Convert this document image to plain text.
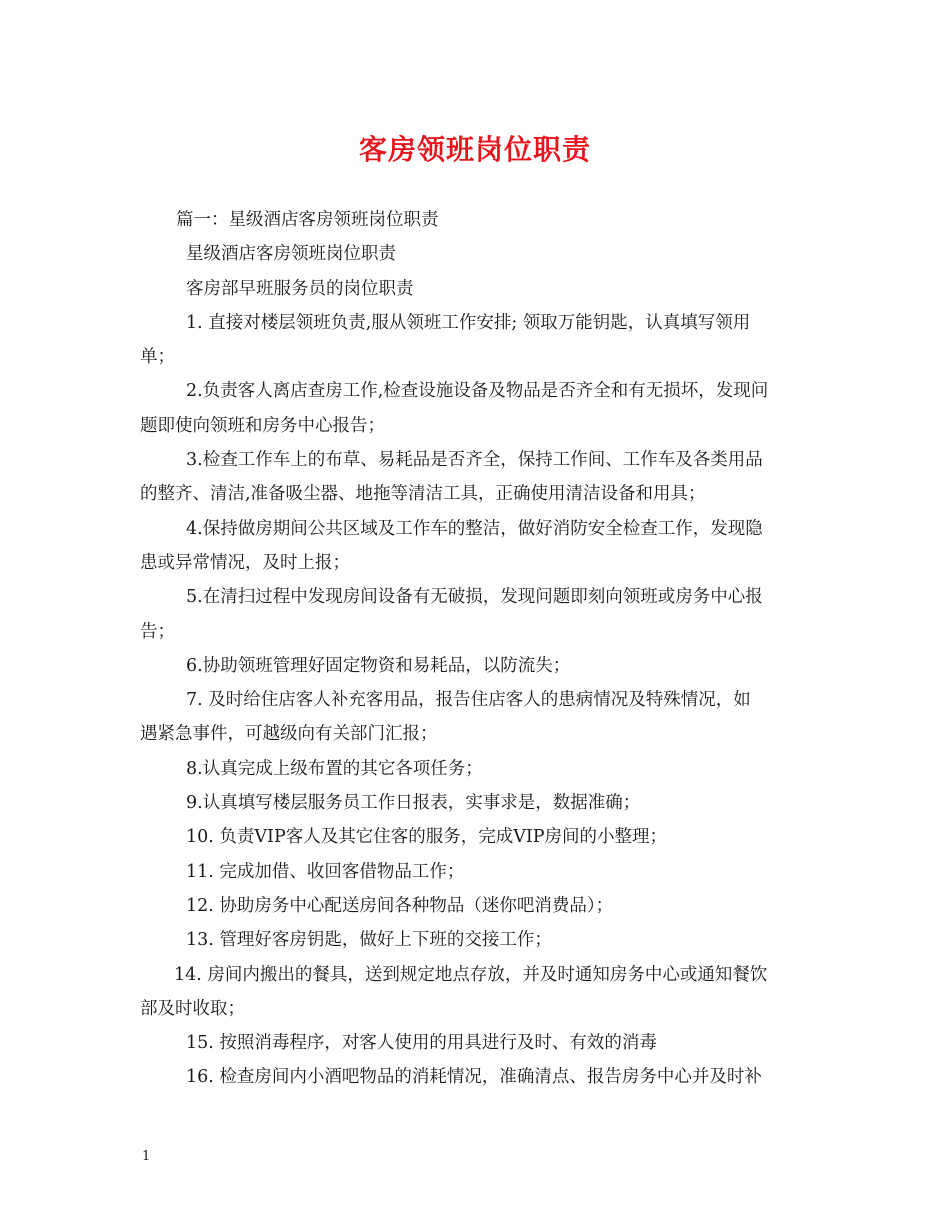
客房领班岗位职责
篇一：星级酒店客房领班岗位职责
星级酒店客房领班岗位职责
客房部早班服务员的岗位职责
1. 直接对楼层领班负责,服从领班工作安排; 领取万能钥匙，认真填写领用
单；
2.负责客人离店查房工作,检查设施设备及物品是否齐全和有无损坏，发现问
题即使向领班和房务中心报告；
3.检查工作车上的布草、易耗品是否齐全，保持工作间、工作车及各类用品
的整齐、清洁,准备吸尘器、地拖等清洁工具，正确使用清洁设备和用具；
4.保持做房期间公共区域及工作车的整洁，做好消防安全检查工作，发现隐
患或异常情况，及时上报；
5.在清扫过程中发现房间设备有无破损，发现问题即刻向领班或房务中心报
告；
6.协助领班管理好固定物资和易耗品，以防流失；
7. 及时给住店客人补充客用品，报告住店客人的患病情况及特殊情况，如
遇紧急事件，可越级向有关部门汇报；
8.认真完成上级布置的其它各项任务；
9.认真填写楼层服务员工作日报表，实事求是，数据准确；
10. 负责VIP客人及其它住客的服务，完成VIP房间的小整理；
11. 完成加借、收回客借物品工作；
12. 协助房务中心配送房间各种物品（迷你吧消费品）；
13. 管理好客房钥匙，做好上下班的交接工作；
14. 房间内搬出的餐具，送到规定地点存放，并及时通知房务中心或通知餐饮
部及时收取；
15. 按照消毒程序，对客人使用的用具进行及时、有效的消毒
16. 检查房间内小酒吧物品的消耗情况，准确清点、报告房务中心并及时补
1
